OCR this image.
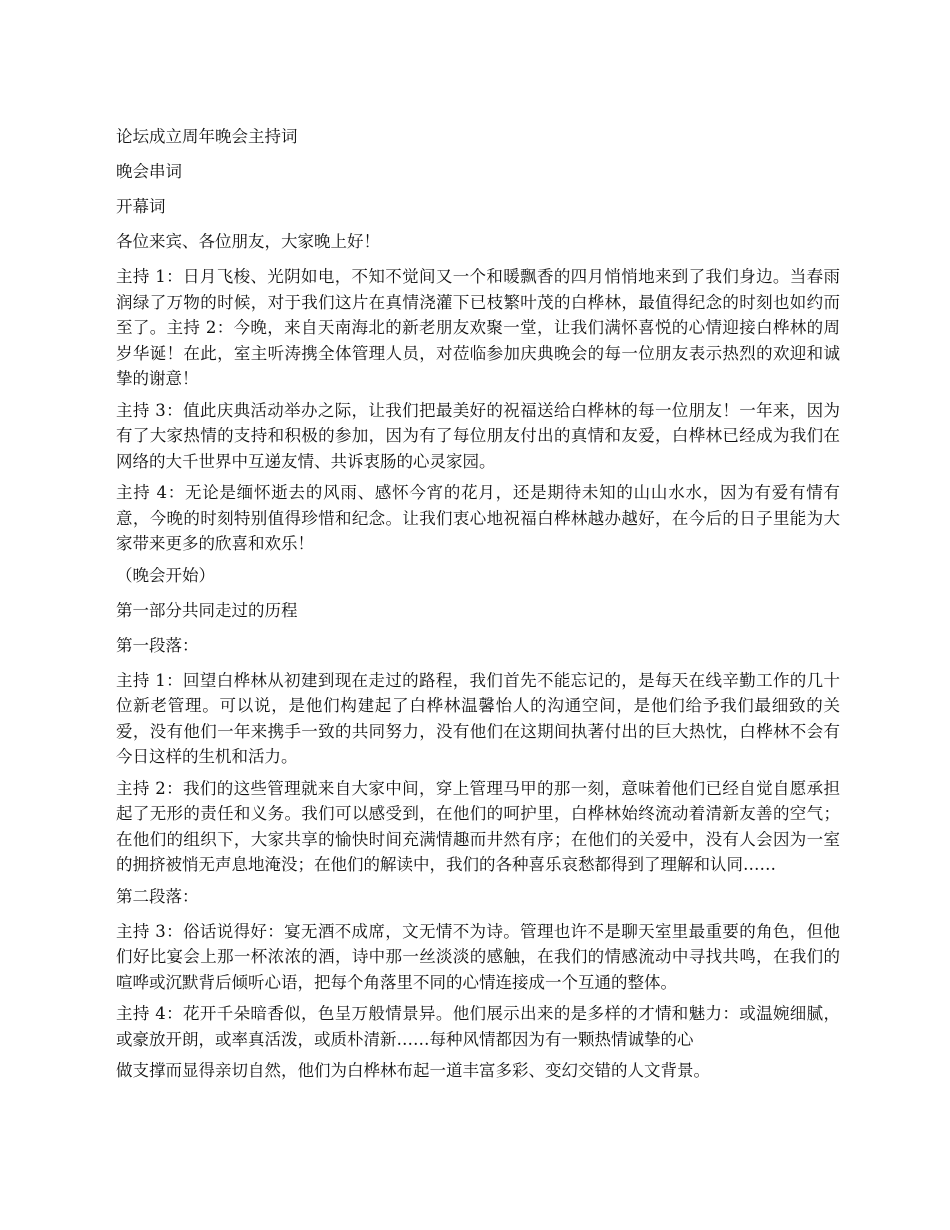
论坛成立周年晚会主持词

晚会串词

开幕词

各位来宾、各位朋友，大家晚上好！

主持 1：日月飞梭、光阴如电，不知不觉间又一个和暖飘香的四月悄悄地来到了我们身边。当春雨润绿了万物的时候，对于我们这片在真情浇灌下已枝繁叶茂的白桦林，最值得纪念的时刻也如约而至了。主持 2：今晚，来自天南海北的新老朋友欢聚一堂，让我们满怀喜悦的心情迎接白桦林的周岁华诞！在此，室主听涛携全体管理人员，对莅临参加庆典晚会的每一位朋友表示热烈的欢迎和诚挚的谢意！

主持 3：值此庆典活动举办之际，让我们把最美好的祝福送给白桦林的每一位朋友！一年来，因为有了大家热情的支持和积极的参加，因为有了每位朋友付出的真情和友爱，白桦林已经成为我们在网络的大千世界中互递友情、共诉衷肠的心灵家园。

主持 4：无论是缅怀逝去的风雨、感怀今宵的花月，还是期待未知的山山水水，因为有爱有情有意，今晚的时刻特别值得珍惜和纪念。让我们衷心地祝福白桦林越办越好，在今后的日子里能为大家带来更多的欣喜和欢乐！

（晚会开始）

第一部分共同走过的历程

第一段落：

主持 1：回望白桦林从初建到现在走过的路程，我们首先不能忘记的，是每天在线辛勤工作的几十位新老管理。可以说，是他们构建起了白桦林温馨怡人的沟通空间，是他们给予我们最细致的关爱，没有他们一年来携手一致的共同努力，没有他们在这期间执著付出的巨大热忱，白桦林不会有今日这样的生机和活力。

主持 2：我们的这些管理就来自大家中间，穿上管理马甲的那一刻，意味着他们已经自觉自愿承担起了无形的责任和义务。我们可以感受到，在他们的呵护里，白桦林始终流动着清新友善的空气；在他们的组织下，大家共享的愉快时间充满情趣而井然有序；在他们的关爱中，没有人会因为一室的拥挤被悄无声息地淹没；在他们的解读中，我们的各种喜乐哀愁都得到了理解和认同……

第二段落：

主持 3：俗话说得好：宴无酒不成席，文无情不为诗。管理也许不是聊天室里最重要的角色，但他们好比宴会上那一杯浓浓的酒，诗中那一丝淡淡的感触，在我们的情感流动中寻找共鸣，在我们的喧哗或沉默背后倾听心语，把每个角落里不同的心情连接成一个互通的整体。

主持 4：花开千朵暗香似，色呈万般情景异。他们展示出来的是多样的才情和魅力：或温婉细腻，或豪放开朗，或率真活泼，或质朴清新……每种风情都因为有一颗热情诚挚的心

做支撑而显得亲切自然，他们为白桦林布起一道丰富多彩、变幻交错的人文背景。
